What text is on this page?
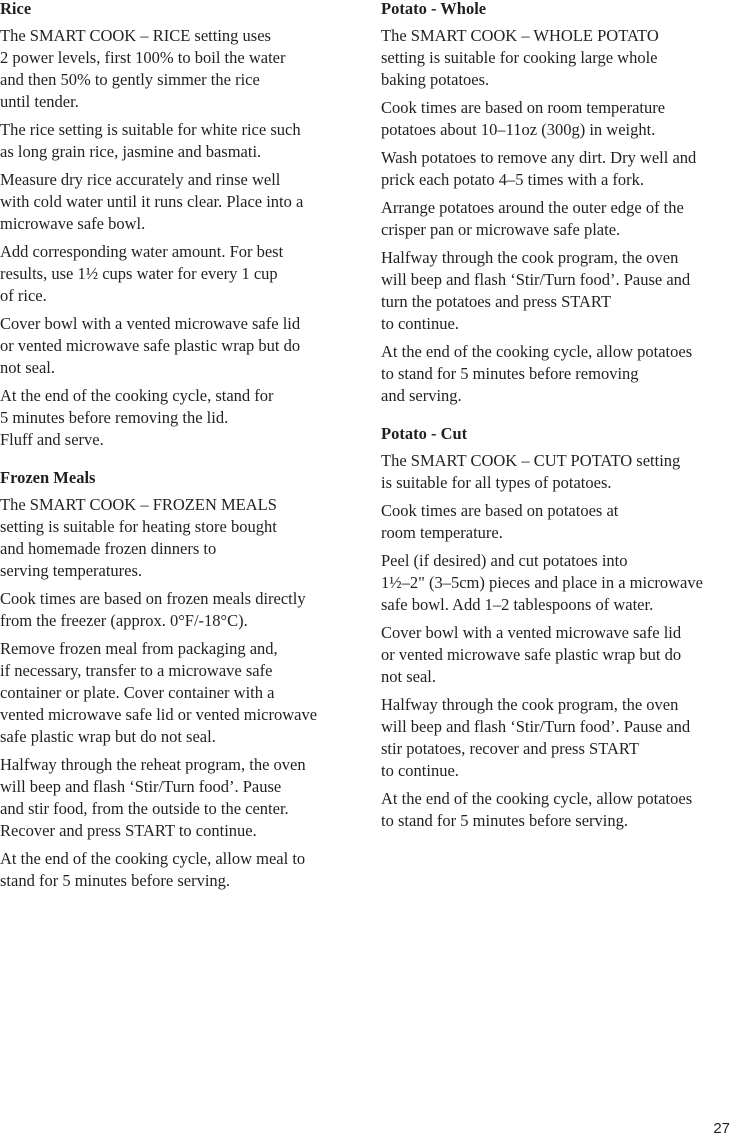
Rice

The SMART COOK – RICE setting uses
2 power levels, first 100% to boil the water
and then 50% to gently simmer the rice
until tender.

The rice setting is suitable for white rice such
as long grain rice, jasmine and basmati.

Measure dry rice accurately and rinse well
with cold water until it runs clear. Place into a
microwave safe bowl.

Add corresponding water amount. For best
results, use 1½ cups water for every 1 cup
of rice.

Cover bowl with a vented microwave safe lid
or vented microwave safe plastic wrap but do
not seal.

At the end of the cooking cycle, stand for
5 minutes before removing the lid.
Fluff and serve.

Frozen Meals

The SMART COOK – FROZEN MEALS
setting is suitable for heating store bought
and homemade frozen dinners to
serving temperatures.

Cook times are based on frozen meals directly
from the freezer (approx. 0°F/-18°C).

Remove frozen meal from packaging and,
if necessary, transfer to a microwave safe
container or plate. Cover container with a
vented microwave safe lid or vented microwave
safe plastic wrap but do not seal.

Halfway through the reheat program, the oven
will beep and flash ‘Stir/Turn food’. Pause
and stir food, from the outside to the center.
Recover and press START to continue.

At the end of the cooking cycle, allow meal to
stand for 5 minutes before serving.

Potato - Whole

The SMART COOK – WHOLE POTATO
setting is suitable for cooking large whole
baking potatoes.

Cook times are based on room temperature
potatoes about 10–11oz (300g) in weight.

Wash potatoes to remove any dirt. Dry well and
prick each potato 4–5 times with a fork.

Arrange potatoes around the outer edge of the
crisper pan or microwave safe plate.

Halfway through the cook program, the oven
will beep and flash ‘Stir/Turn food’. Pause and
turn the potatoes and press START
to continue.

At the end of the cooking cycle, allow potatoes
to stand for 5 minutes before removing
and serving.

Potato - Cut

The SMART COOK – CUT POTATO setting
is suitable for all types of potatoes.

Cook times are based on potatoes at
room temperature.

Peel (if desired) and cut potatoes into
1½–2" (3–5cm) pieces and place in a microwave
safe bowl. Add 1–2 tablespoons of water.

Cover bowl with a vented microwave safe lid
or vented microwave safe plastic wrap but do
not seal.

Halfway through the cook program, the oven
will beep and flash ‘Stir/Turn food’. Pause and
stir potatoes, recover and press START
to continue.

At the end of the cooking cycle, allow potatoes
to stand for 5 minutes before serving.

27
